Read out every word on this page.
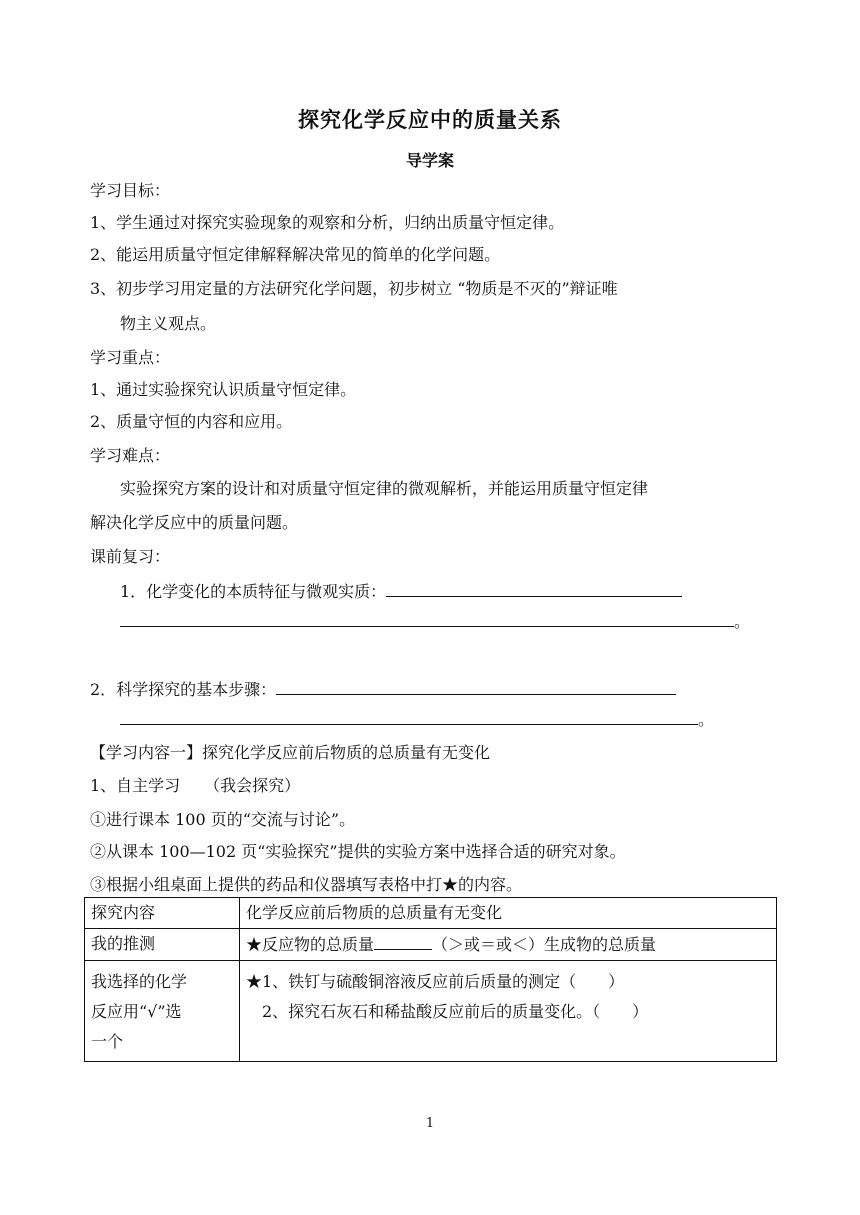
探究化学反应中的质量关系
导学案
学习目标：
1、学生通过对探究实验现象的观察和分析，归纳出质量守恒定律。
2、能运用质量守恒定律解释解决常见的简单的化学问题。
3、初步学习用定量的方法研究化学问题，初步树立 “物质是不灭的”辩证唯
物主义观点。
学习重点：
1、通过实验探究认识质量守恒定律。
2、质量守恒的内容和应用。
学习难点：
实验探究方案的设计和对质量守恒定律的微观解析，并能运用质量守恒定律
解决化学反应中的质量问题。
课前复习：
1．化学变化的本质特征与微观实质：
。
2．科学探究的基本步骤：
。
【学习内容一】探究化学反应前后物质的总质量有无变化
1、自主学习　　（我会探究）
①进行课本 100 页的“交流与讨论”。
②从课本 100—102 页“实验探究”提供的实验方案中选择合适的研究对象。
③根据小组桌面上提供的药品和仪器填写表格中打★的内容。
探究内容	化学反应前后物质的总质量有无变化
我的推测	★反应物的总质量 （＞或＝或＜）生成物的总质量

我选择的化学
反应用“√”选
一个	★1、铁钉与硫酸铜溶液反应前后质量的测定（　　）
　2、探究石灰石和稀盐酸反应前后的质量变化。（　　）
1
